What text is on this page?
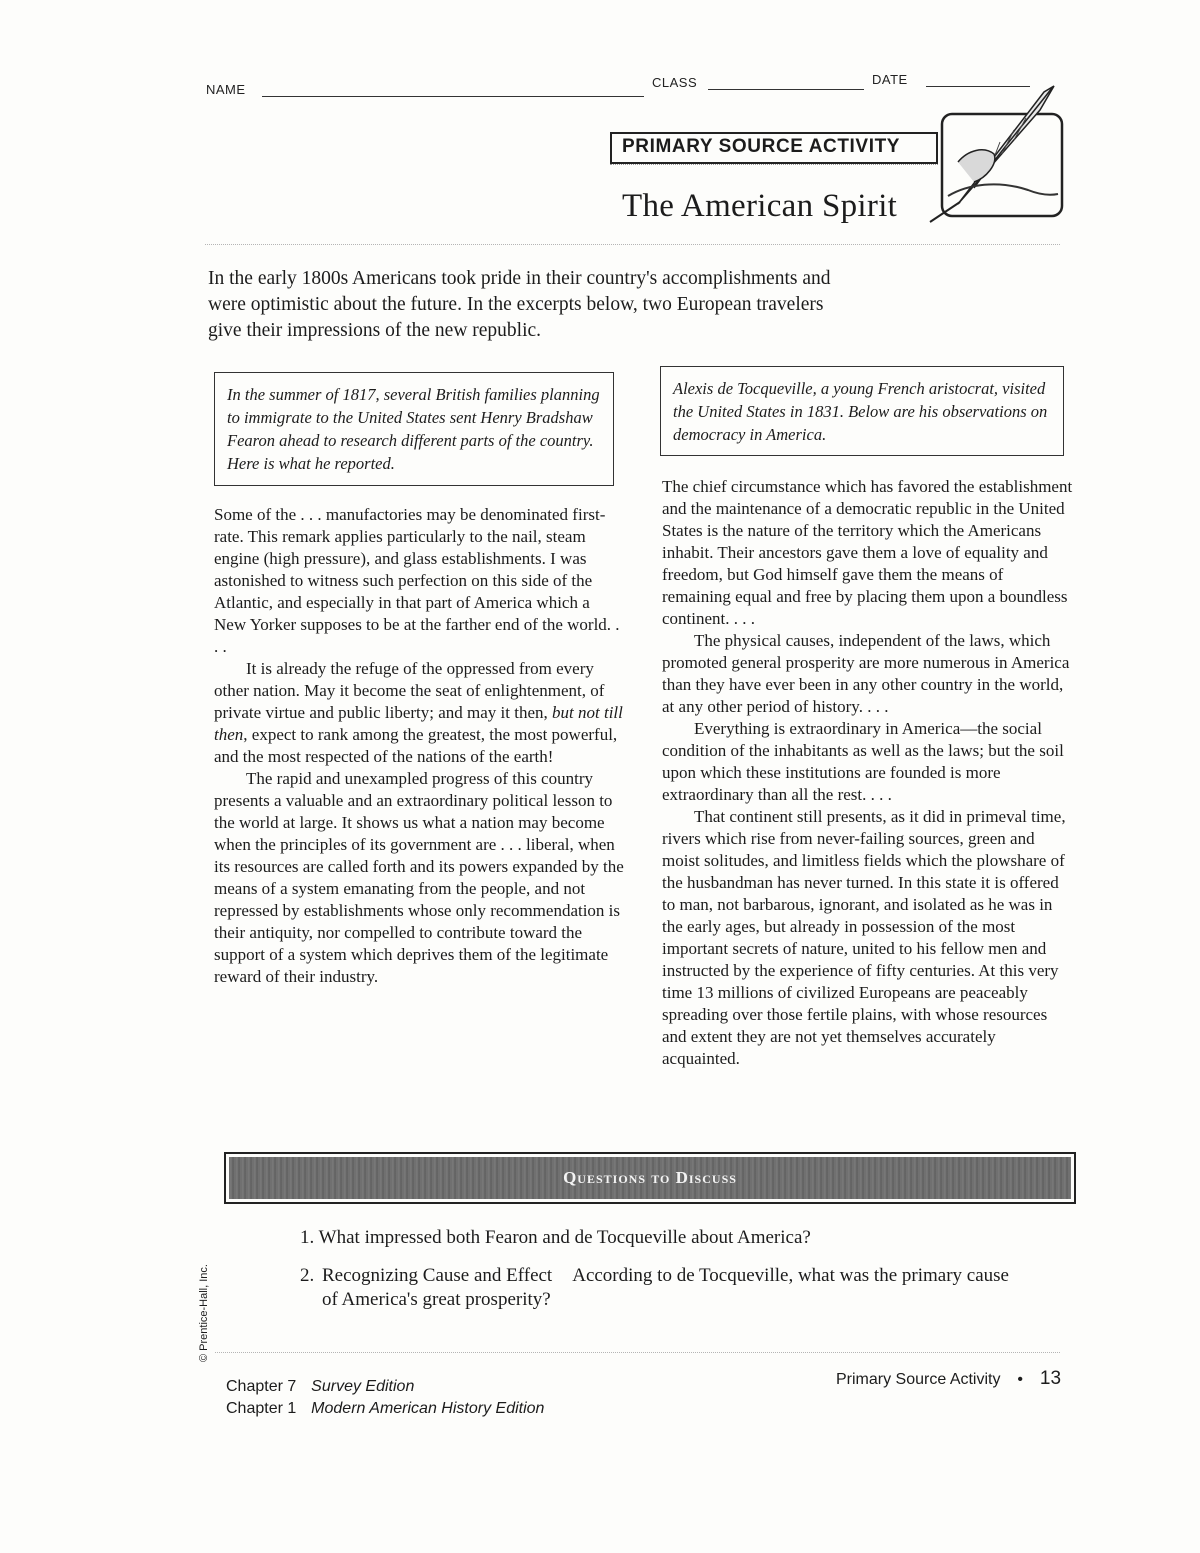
NAME	CLASS	DATE
PRIMARY SOURCE ACTIVITY
The American Spirit
In the early 1800s Americans took pride in their country's accomplishments and
were optimistic about the future. In the excerpts below, two European travelers
give their impressions of the new republic.
In the summer of 1817, several British families planning to immigrate to the United States sent Henry Bradshaw Fearon ahead to research different parts of the country. Here is what he reported.

Some of the . . . manufactories may be denominated first-rate. This remark applies particularly to the nail, steam engine (high pressure), and glass establishments. I was astonished to witness such perfection on this side of the Atlantic, and especially in that part of America which a New Yorker supposes to be at the farther end of the world. . . .

It is already the refuge of the oppressed from every other nation. May it become the seat of enlightenment, of private virtue and public liberty; and may it then, but not till then, expect to rank among the greatest, the most powerful, and the most respected of the nations of the earth!

The rapid and unexampled progress of this country presents a valuable and an extraordinary political lesson to the world at large. It shows us what a nation may become when the principles of its government are . . . liberal, when its resources are called forth and its powers expanded by the means of a system emanating from the people, and not repressed by establishments whose only recommendation is their antiquity, nor compelled to contribute toward the support of a system which deprives them of the legitimate reward of their industry.

Alexis de Tocqueville, a young French aristocrat, visited the United States in 1831. Below are his observations on democracy in America.

The chief circumstance which has favored the establishment and the maintenance of a democratic republic in the United States is the nature of the territory which the Americans inhabit. Their ancestors gave them a love of equality and freedom, but God himself gave them the means of remaining equal and free by placing them upon a boundless continent. . . .

The physical causes, independent of the laws, which promoted general prosperity are more numerous in America than they have ever been in any other country in the world, at any other period of history. . . .

Everything is extraordinary in America—the social condition of the inhabitants as well as the laws; but the soil upon which these institutions are founded is more extraordinary than all the rest. . . .

That continent still presents, as it did in primeval time, rivers which rise from never-failing sources, green and moist solitudes, and limitless fields which the plowshare of the husbandman has never turned. In this state it is offered to man, not barbarous, ignorant, and isolated as he was in the early ages, but already in possession of the most important secrets of nature, united to his fellow men and instructed by the experience of fifty centuries. At this very time 13 millions of civilized Europeans are peaceably spreading over those fertile plains, with whose resources and extent they are not yet themselves accurately acquainted.

Questions to Discuss
1. What impressed both Fearon and de Tocqueville about America?
2. Recognizing Cause and Effect According to de Tocqueville, what was the primary cause of America's great prosperity?
© Prentice-Hall, Inc.
Chapter 7 Survey Edition
Chapter 1 Modern American History Edition
Primary Source Activity • 13
